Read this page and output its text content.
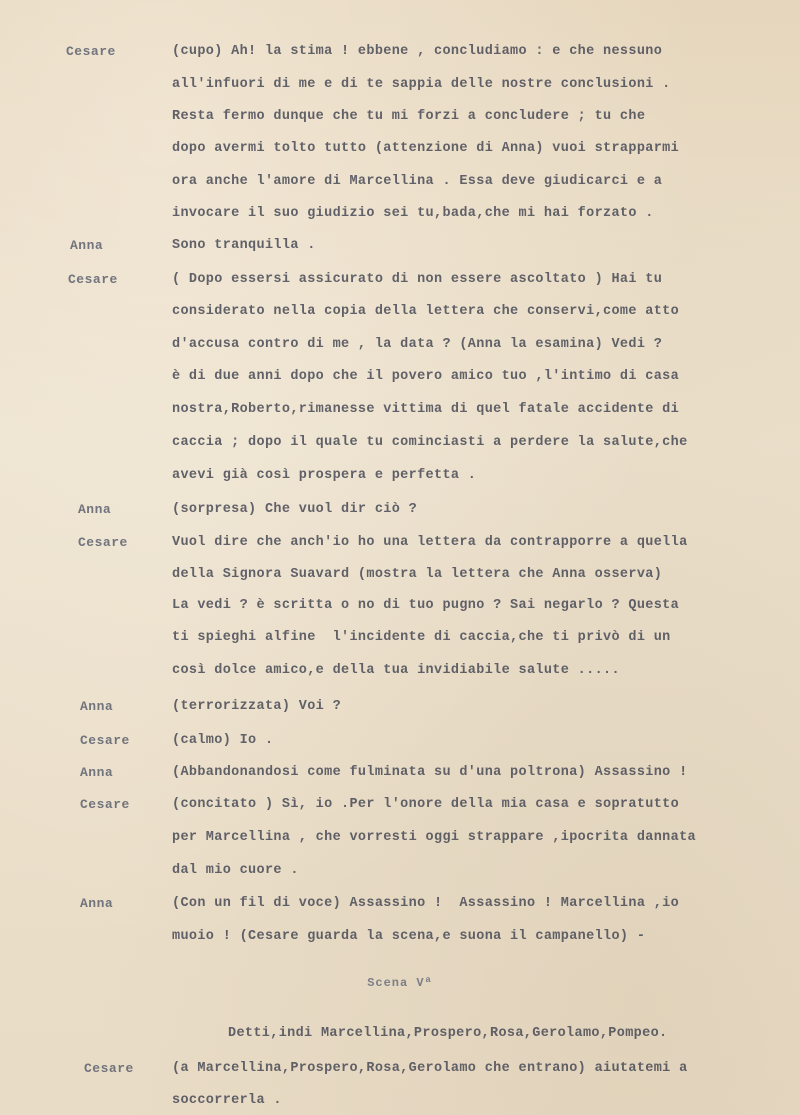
Cesare	(cupo) Ah! la stima ! ebbene , concludiamo : e che nessuno
all'infuori di me e di te sappia delle nostre conclusioni .
Resta fermo dunque che tu mi forzi a concludere ; tu che
dopo avermi tolto tutto (attenzione di Anna) vuoi strapparmi
ora anche l'amore di Marcellina . Essa deve giudicarci e a
invocare il suo giudizio sei tu,bada,che mi hai forzato .
Anna	Sono tranquilla .
Cesare	( Dopo essersi assicurato di non essere ascoltato ) Hai tu
considerato nella copia della lettera che conservi,come atto
d'accusa contro di me , la data ? (Anna la esamina) Vedi ?
è di due anni dopo che il povero amico tuo ,l'intimo di casa
nostra,Roberto,rimanesse vittima di quel fatale accidente di
caccia ; dopo il quale tu cominciasti a perdere la salute,che
avevi già così prospera e perfetta .
Anna	(sorpresa) Che vuol dir ciò ?
Cesare	Vuol dire che anch'io ho una lettera da contrapporre a quella
della Signora Suavard (mostra la lettera che Anna osserva)
La vedi ? è scritta o no di tuo pugno ? Sai negarlo ? Questa
ti spieghi alfine  l'incidente di caccia,che ti privò di un
così dolce amico,e della tua invidiabile salute .....
Anna	(terrorizzata) Voi ?
Cesare	(calmo) Io .
Anna	(Abbandonandosi come fulminata su d'una poltrona) Assassino !
Cesare	(concitato ) Sì, io .Per l'onore della mia casa e sopratutto
per Marcellina , che vorresti oggi strappare ,ipocrita dannata
dal mio cuore .
Anna	(Con un fil di voce) Assassino !  Assassino ! Marcellina ,io
muoio ! (Cesare guarda la scena,e suona il campanello) -
Scena Vª
Detti,indi Marcellina,Prospero,Rosa,Gerolamo,Pompeo.
Cesare	(a Marcellina,Prospero,Rosa,Gerolamo che entrano) aiutatemi a
soccorrerla .
